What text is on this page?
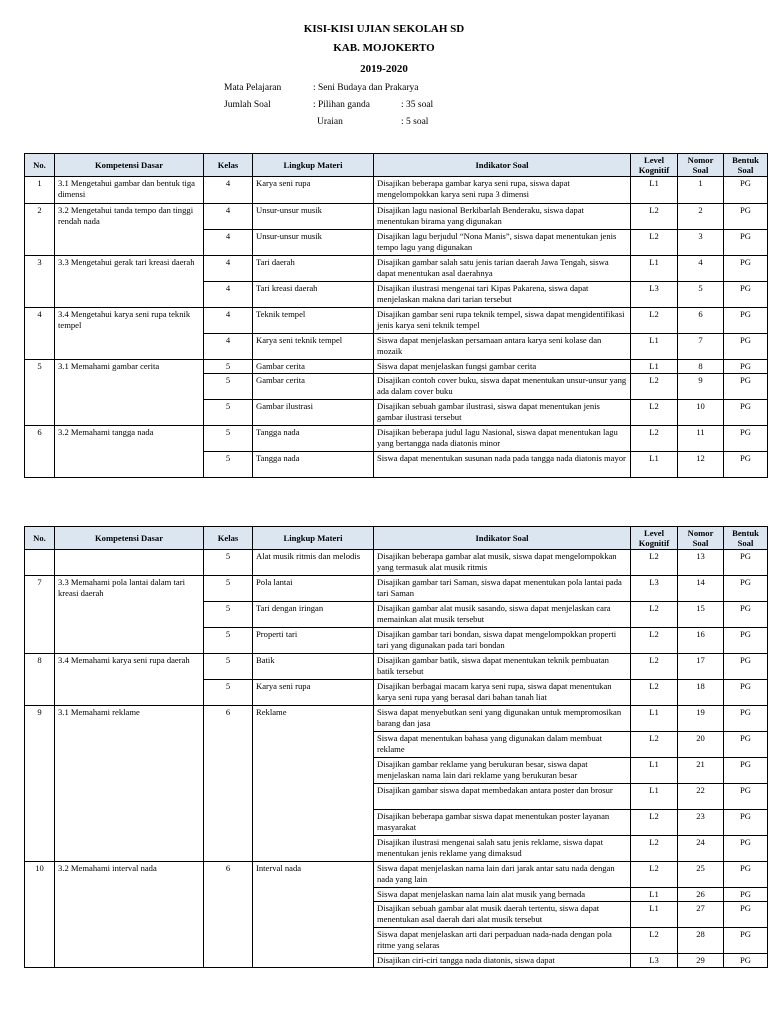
KISI-KISI UJIAN SEKOLAH SD
KAB. MOJOKERTO
2019-2020
Mata Pelajaran	: Seni Budaya dan Prakarya
Jumlah Soal	: Pilihan ganda	: 35 soal
Uraian	: 5 soal
No.	Kompetensi Dasar	Kelas	Lingkup Materi	Indikator Soal	Level Kognitif	Nomor Soal	Bentuk Soal
1	3.1 Mengetahui gambar dan bentuk tiga dimensi	4	Karya seni rupa	Disajikan beberapa gambar karya seni rupa, siswa dapat mengelompokkan karya seni rupa 3 dimensi	L1	1	PG
2	3.2 Mengetahui tanda tempo dan tinggi rendah nada	4	Unsur-unsur musik	Disajikan lagu nasional Berkibarlah Benderaku, siswa dapat menentukan birama yang digunakan	L2	2	PG
		4	Unsur-unsur musik	Disajikan lagu berjudul “Nona Manis”, siswa dapat menentukan jenis tempo lagu yang digunakan	L2	3	PG
3	3.3 Mengetahui gerak tari kreasi daerah	4	Tari daerah	Disajikan gambar salah satu jenis tarian daerah Jawa Tengah, siswa dapat menentukan asal daerahnya	L1	4	PG
		4	Tari kreasi daerah	Disajikan ilustrasi mengenai tari Kipas Pakarena, siswa dapat menjelaskan makna dari tarian tersebut	L3	5	PG
4	3.4 Mengetahui karya seni rupa teknik tempel	4	Teknik tempel	Disajikan gambar seni rupa teknik tempel, siswa dapat mengidentifikasi jenis karya seni teknik tempel	L2	6	PG
		4	Karya seni teknik tempel	Siswa dapat menjelaskan persamaan antara karya seni kolase dan mozaik	L1	7	PG
5	3.1 Memahami gambar cerita	5	Gambar cerita	Siswa dapat menjelaskan fungsi gambar cerita	L1	8	PG
		5	Gambar cerita	Disajikan contoh cover buku, siswa dapat menentukan unsur-unsur yang ada dalam cover buku	L2	9	PG
		5	Gambar ilustrasi	Disajikan sebuah gambar ilustrasi, siswa dapat menentukan jenis gambar ilustrasi tersebut	L2	10	PG
6	3.2 Memahami tangga nada	5	Tangga nada	Disajikan beberapa judul lagu Nasional, siswa dapat menentukan lagu yang bertangga nada diatonis minor	L2	11	PG
		5	Tangga nada	Siswa dapat menentukan susunan nada pada tangga nada diatonis mayor	L1	12	PG
No.	Kompetensi Dasar	Kelas	Lingkup Materi	Indikator Soal	Level Kognitif	Nomor Soal	Bentuk Soal
		5	Alat musik ritmis dan melodis	Disajikan beberapa gambar alat musik, siswa dapat mengelompokkan yang termasuk alat musik ritmis	L2	13	PG
7	3.3 Memahami pola lantai dalam tari kreasi daerah	5	Pola lantai	Disajikan gambar tari Saman, siswa dapat menentukan pola lantai pada tari Saman	L3	14	PG
		5	Tari dengan iringan	Disajikan gambar alat musik sasando, siswa dapat menjelaskan cara memainkan alat musik tersebut	L2	15	PG
		5	Properti tari	Disajikan gambar tari bondan, siswa dapat mengelompokkan properti tari yang digunakan pada tari bondan	L2	16	PG
8	3.4 Memahami karya seni rupa daerah	5	Batik	Disajikan gambar batik, siswa dapat menentukan teknik pembuatan batik tersebut	L2	17	PG
		5	Karya seni rupa	Disajikan berbagai macam karya seni rupa, siswa dapat menentukan karya seni rupa yang berasal dari bahan tanah liat	L2	18	PG
9	3.1 Memahami reklame	6	Reklame	Siswa dapat menyebutkan seni yang digunakan untuk mempromosikan barang dan jasa	L1	19	PG
				Siswa dapat menentukan bahasa yang digunakan dalam membuat reklame	L2	20	PG
				Disajikan gambar reklame yang berukuran besar, siswa dapat menjelaskan nama lain dari reklame yang berukuran besar	L1	21	PG
				Disajikan gambar siswa dapat membedakan antara poster dan brosur	L1	22	PG
				Disajikan beberapa gambar siswa dapat menentukan poster layanan masyarakat	L2	23	PG
				Disajikan ilustrasi mengenai salah satu jenis reklame, siswa dapat menentukan jenis reklame yang dimaksud	L2	24	PG
10	3.2 Memahami interval nada	6	Interval nada	Siswa dapat menjelaskan nama lain dari jarak antar satu nada dengan nada yang lain	L2	25	PG
				Siswa dapat menjelaskan nama lain alat musik yang bernada	L1	26	PG
				Disajikan sebuah gambar alat musik daerah tertentu, siswa dapat menentukan asal daerah dari alat musik tersebut	L1	27	PG
				Siswa dapat menjelaskan arti dari perpaduan nada-nada dengan pola ritme yang selaras	L2	28	PG
				Disajikan ciri-ciri tangga nada diatonis, siswa dapat	L3	29	PG
